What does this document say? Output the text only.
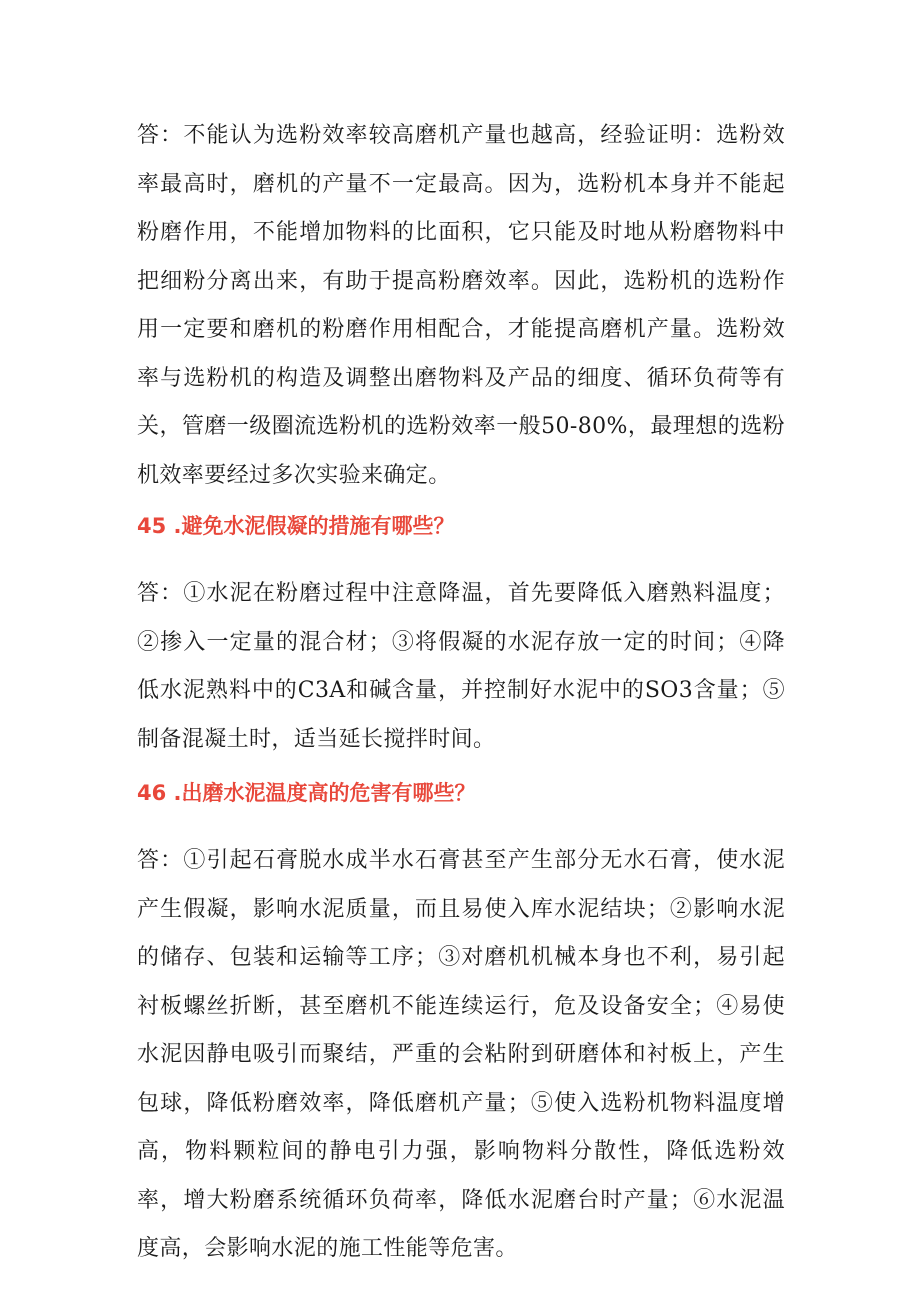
答：不能认为选粉效率较高磨机产量也越高，经验证明：选粉效率最高时，磨机的产量不一定最高。因为，选粉机本身并不能起粉磨作用，不能增加物料的比面积，它只能及时地从粉磨物料中把细粉分离出来，有助于提高粉磨效率。因此，选粉机的选粉作用一定要和磨机的粉磨作用相配合，才能提高磨机产量。选粉效率与选粉机的构造及调整出磨物料及产品的细度、循环负荷等有关，管磨一级圈流选粉机的选粉效率一般50-80%，最理想的选粉机效率要经过多次实验来确定。

45 .避免水泥假凝的措施有哪些？

答：①水泥在粉磨过程中注意降温，首先要降低入磨熟料温度；②掺入一定量的混合材；③将假凝的水泥存放一定的时间；④降低水泥熟料中的C3A和碱含量，并控制好水泥中的SO3含量；⑤制备混凝土时，适当延长搅拌时间。

46 .出磨水泥温度高的危害有哪些？

答：①引起石膏脱水成半水石膏甚至产生部分无水石膏，使水泥产生假凝，影响水泥质量，而且易使入库水泥结块；②影响水泥的储存、包装和运输等工序；③对磨机机械本身也不利，易引起衬板螺丝折断，甚至磨机不能连续运行，危及设备安全；④易使水泥因静电吸引而聚结，严重的会粘附到研磨体和衬板上，产生包球，降低粉磨效率，降低磨机产量；⑤使入选粉机物料温度增高，物料颗粒间的静电引力强，影响物料分散性，降低选粉效率，增大粉磨系统循环负荷率，降低水泥磨台时产量；⑥水泥温度高，会影响水泥的施工性能等危害。
